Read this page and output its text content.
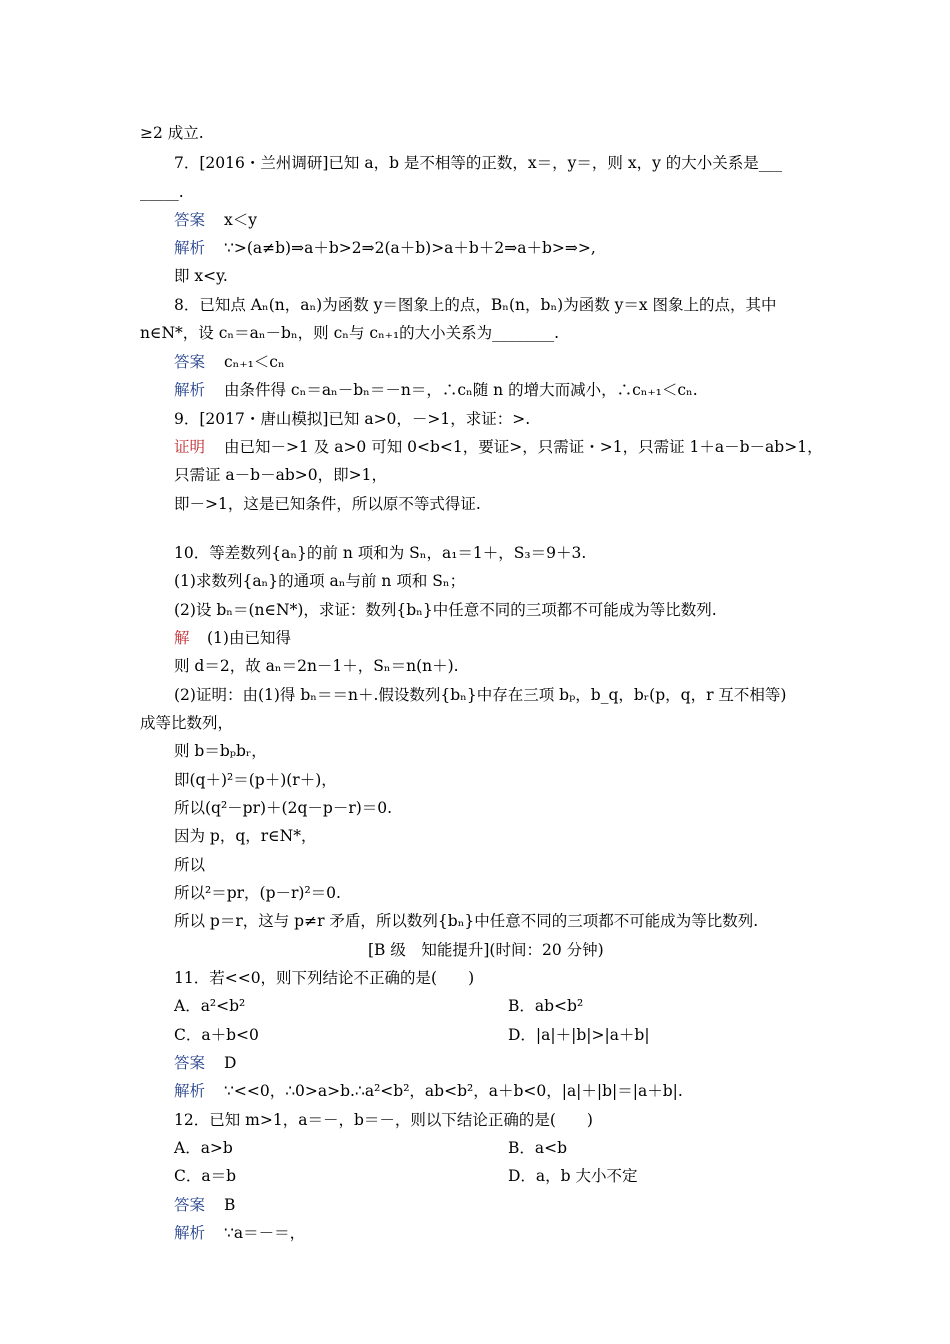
≥2 成立.
7．[2016・兰州调研]已知 a，b 是不相等的正数，x＝，y＝，则 x，y 的大小关系是___
_____.
答案 x＜y
解析 ∵>(a≠b)⇒a＋b>2⇒2(a＋b)>a＋b＋2⇒a＋b>⇒>,
即 x<y.
8．已知点 Aₙ(n，aₙ)为函数 y＝图象上的点，Bₙ(n，bₙ)为函数 y＝x 图象上的点，其中
n∈N*，设 cₙ＝aₙ－bₙ，则 cₙ与 cₙ₊₁的大小关系为________.
答案 cₙ₊₁＜cₙ
解析 由条件得 cₙ＝aₙ－bₙ＝－n＝，∴cₙ随 n 的增大而减小，∴cₙ₊₁＜cₙ.
9．[2017・唐山模拟]已知 a>0，－>1，求证：>.
证明 由已知－>1 及 a>0 可知 0<b<1，要证>，只需证・>1，只需证 1＋a－b－ab>1，
只需证 a－b－ab>0，即>1，
即－>1，这是已知条件，所以原不等式得证.
10．等差数列{aₙ}的前 n 项和为 Sₙ，a₁＝1＋，S₃＝9＋3.
(1)求数列{aₙ}的通项 aₙ与前 n 项和 Sₙ；
(2)设 bₙ＝(n∈N*)，求证：数列{bₙ}中任意不同的三项都不可能成为等比数列.
解 (1)由已知得
则 d＝2，故 aₙ＝2n－1＋，Sₙ＝n(n＋).
(2)证明：由(1)得 bₙ＝＝n＋.假设数列{bₙ}中存在三项 bₚ，b_q，bᵣ(p，q，r 互不相等)
成等比数列，
则 b＝bₚbᵣ，
即(q＋)²＝(p＋)(r＋)，
所以(q²－pr)＋(2q－p－r)＝0.
因为 p，q，r∈N*，
所以
所以²＝pr，(p－r)²＝0.
所以 p＝r，这与 p≠r 矛盾，所以数列{bₙ}中任意不同的三项都不可能成为等比数列.
[B 级　知能提升](时间：20 分钟)
11．若<<0，则下列结论不正确的是(　　)
A．a²<b²	B．ab<b²
C．a＋b<0	D．|a|＋|b|>|a＋b|
答案 D
解析 ∵<<0，∴0>a>b.∴a²<b²，ab<b²，a＋b<0，|a|＋|b|＝|a＋b|.
12．已知 m>1，a＝－，b＝－，则以下结论正确的是(　　)
A．a>b	B．a<b
C．a＝b	D．a，b 大小不定
答案 B
解析 ∵a＝－＝，
